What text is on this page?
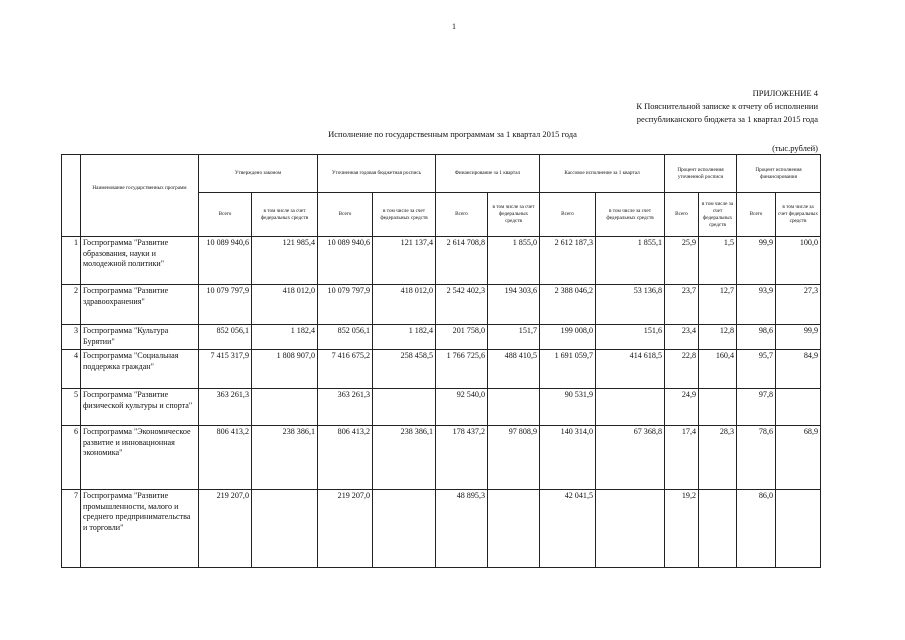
1
ПРИЛОЖЕНИЕ 4
К Пояснительной записке к отчету об исполнении
республиканского бюджета за 1 квартал 2015 года
Исполнение по государственным программам за 1 квартал 2015 года
(тыс.рублей)
	Наименование государственных программ	Утверждено законом		Уточненная годовая бюджетная роспись		Финансирование за 1 квартал		Кассовое исполнение за 1 квартал		Процент исполнения уточненной росписи		Процент исполнения финансирования	
		Всего	в том числе за счет федеральных средств	Всего	в том числе за счет федеральных средств	Всего	в том числе за счет федеральных средств	Всего	в том числе за счет федеральных средств	Всего	в том числе за счет федеральных средств	Всего	в том числе за счет федеральных средств
1	Госпрограмма "Развитие образования, науки и молодежной политики"	10 089 940,6	121 985,4	10 089 940,6	121 137,4	2 614 708,8	1 855,0	2 612 187,3	1 855,1	25,9	1,5	99,9	100,0
2	Госпрограмма "Развитие здравоохранения"	10 079 797,9	418 012,0	10 079 797,9	418 012,0	2 542 402,3	194 303,6	2 388 046,2	53 136,8	23,7	12,7	93,9	27,3
3	Госпрограмма "Культура Бурятии"	852 056,1	1 182,4	852 056,1	1 182,4	201 758,0	151,7	199 008,0	151,6	23,4	12,8	98,6	99,9
4	Госпрограмма "Социальная поддержка граждан"	7 415 317,9	1 808 907,0	7 416 675,2	258 458,5	1 766 725,6	488 410,5	1 691 059,7	414 618,5	22,8	160,4	95,7	84,9
5	Госпрограмма "Развитие физической культуры и спорта"	363 261,3		363 261,3		92 540,0		90 531,9		24,9		97,8	
6	Госпрограмма "Экономическое развитие и инновационная экономика"	806 413,2	238 386,1	806 413,2	238 386,1	178 437,2	97 808,9	140 314,0	67 368,8	17,4	28,3	78,6	68,9
7	Госпрограмма "Развитие промышленности, малого и среднего предпринимательства и торговли"	219 207,0		219 207,0		48 895,3		42 041,5		19,2		86,0	
